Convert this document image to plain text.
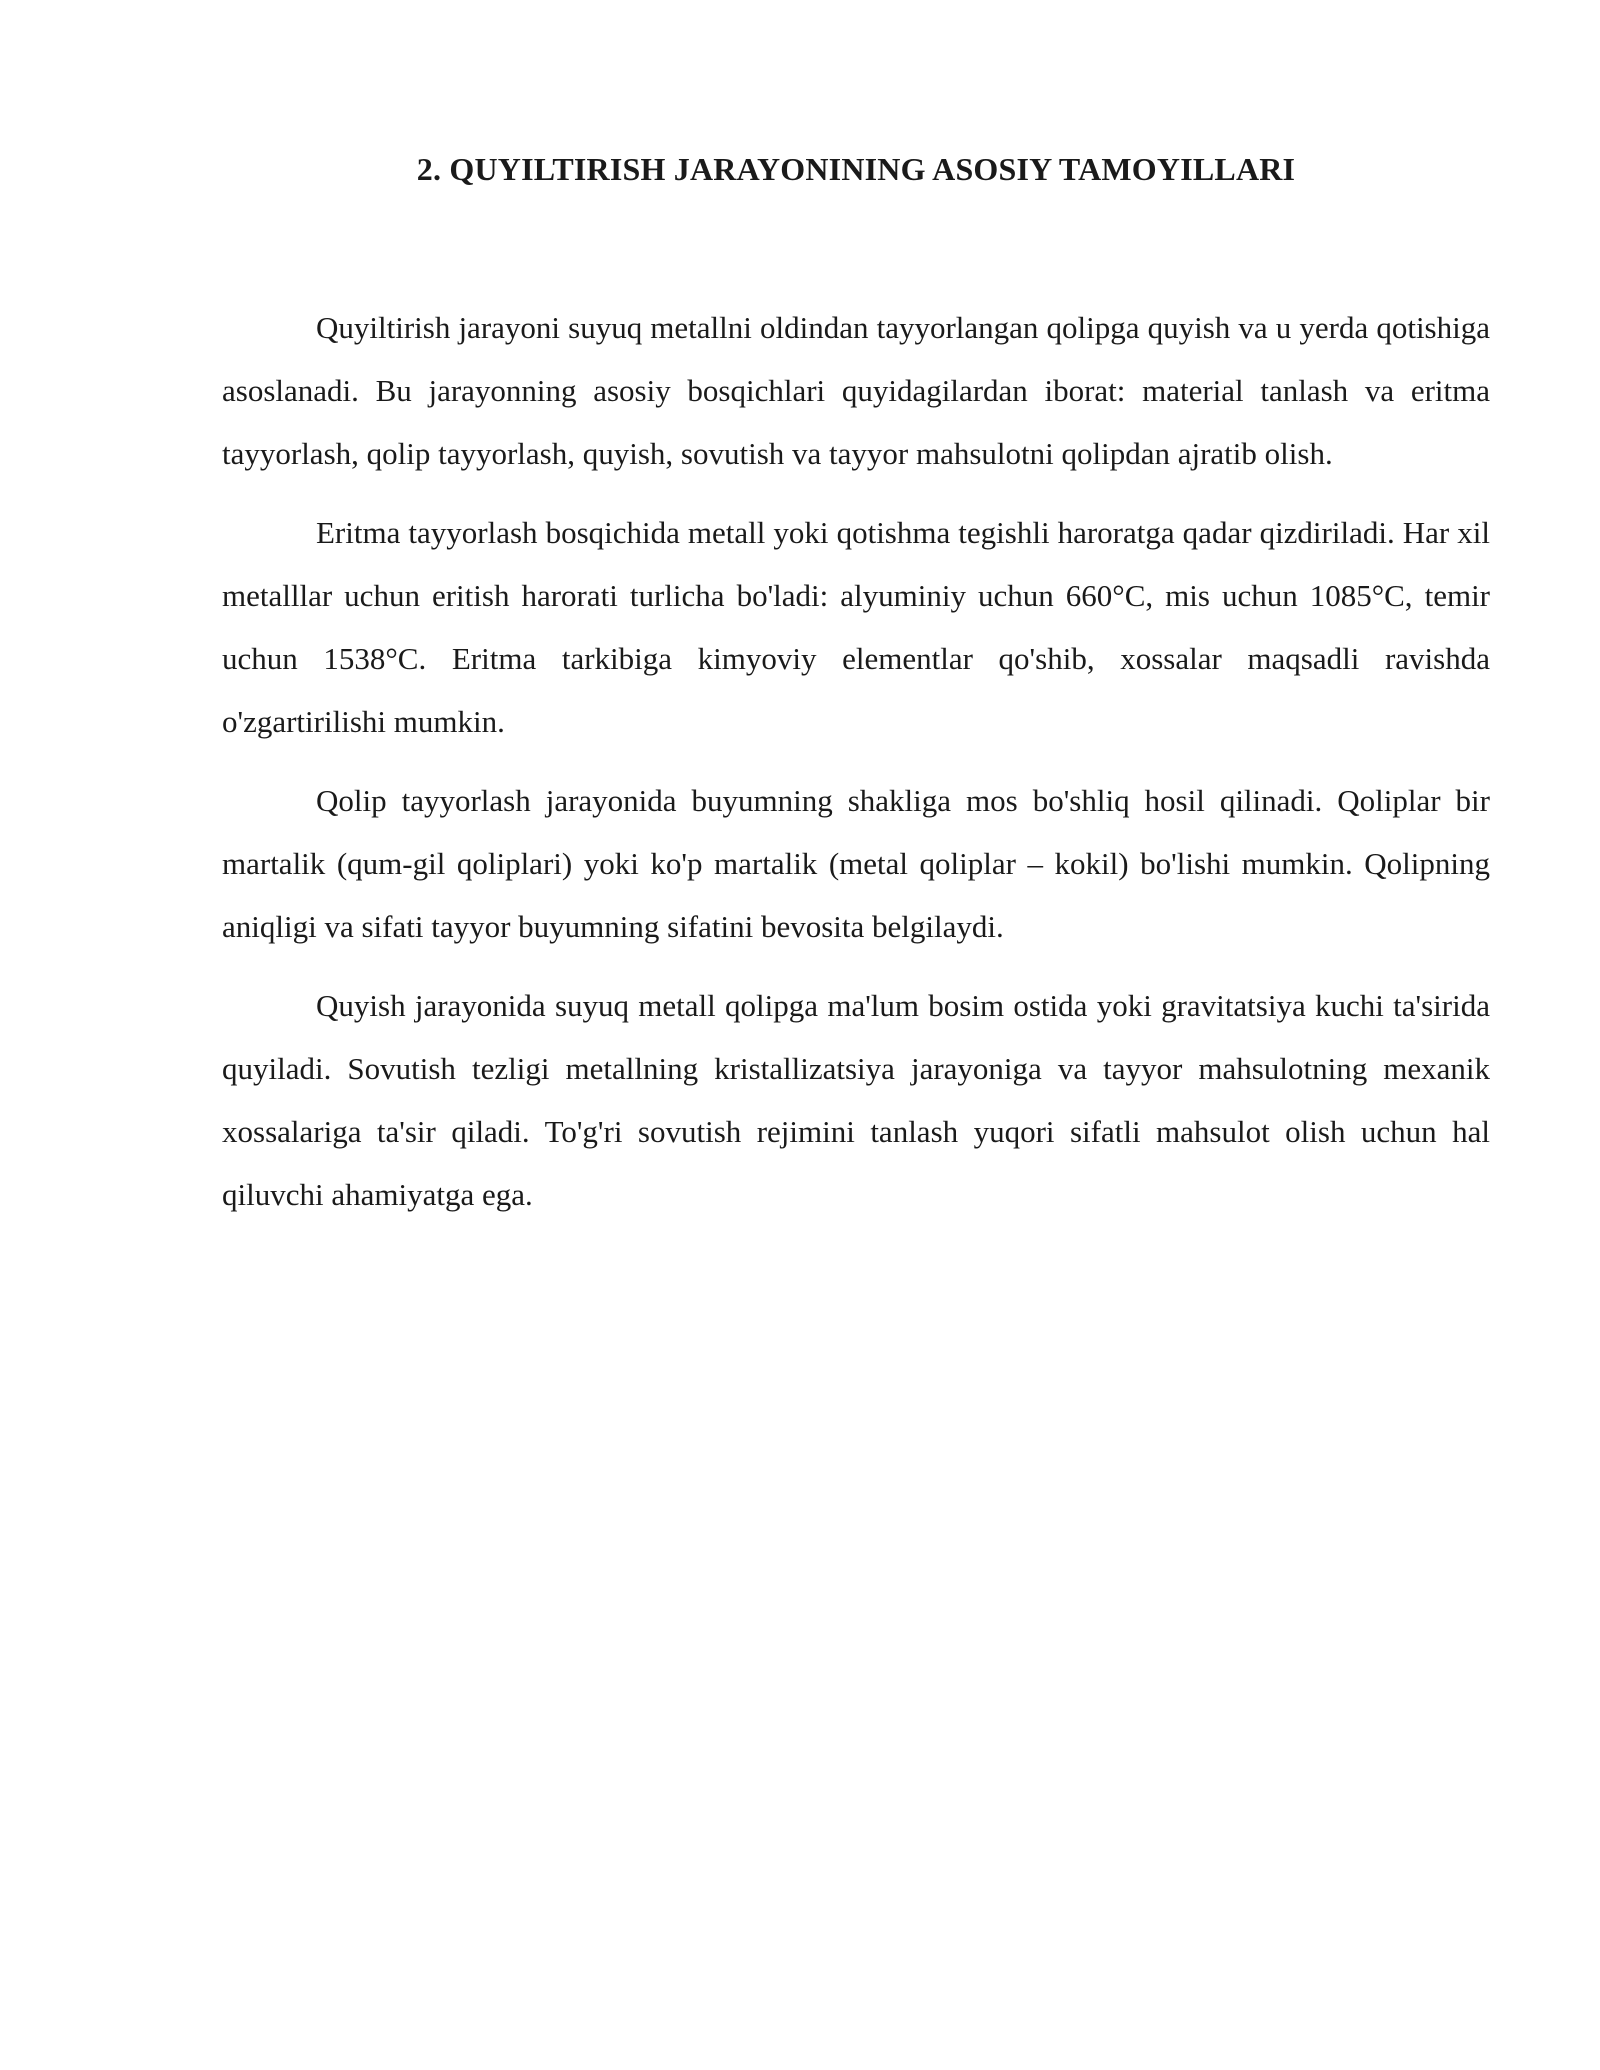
2. QUYILTIRISH JARAYONINING ASOSIY TAMOYILLARI

Quyiltirish jarayoni suyuq metallni oldindan tayyorlangan qolipga quyish va u yerda qotishiga asoslanadi. Bu jarayonning asosiy bosqichlari quyidagilardan iborat: material tanlash va eritma tayyorlash, qolip tayyorlash, quyish, sovutish va tayyor mahsulotni qolipdan ajratib olish.

Eritma tayyorlash bosqichida metall yoki qotishma tegishli haroratga qadar qizdiriladi. Har xil metalllar uchun eritish harorati turlicha bo'ladi: alyuminiy uchun 660°C, mis uchun 1085°C, temir uchun 1538°C. Eritma tarkibiga kimyoviy elementlar qo'shib, xossalar maqsadli ravishda o'zgartirilishi mumkin.

Qolip tayyorlash jarayonida buyumning shakliga mos bo'shliq hosil qilinadi. Qoliplar bir martalik (qum-gil qoliplari) yoki ko'p martalik (metal qoliplar – kokil) bo'lishi mumkin. Qolipning aniqligi va sifati tayyor buyumning sifatini bevosita belgilaydi.

Quyish jarayonida suyuq metall qolipga ma'lum bosim ostida yoki gravitatsiya kuchi ta'sirida quyiladi. Sovutish tezligi metallning kristallizatsiya jarayoniga va tayyor mahsulotning mexanik xossalariga ta'sir qiladi. To'g'ri sovutish rejimini tanlash yuqori sifatli mahsulot olish uchun hal qiluvchi ahamiyatga ega.
